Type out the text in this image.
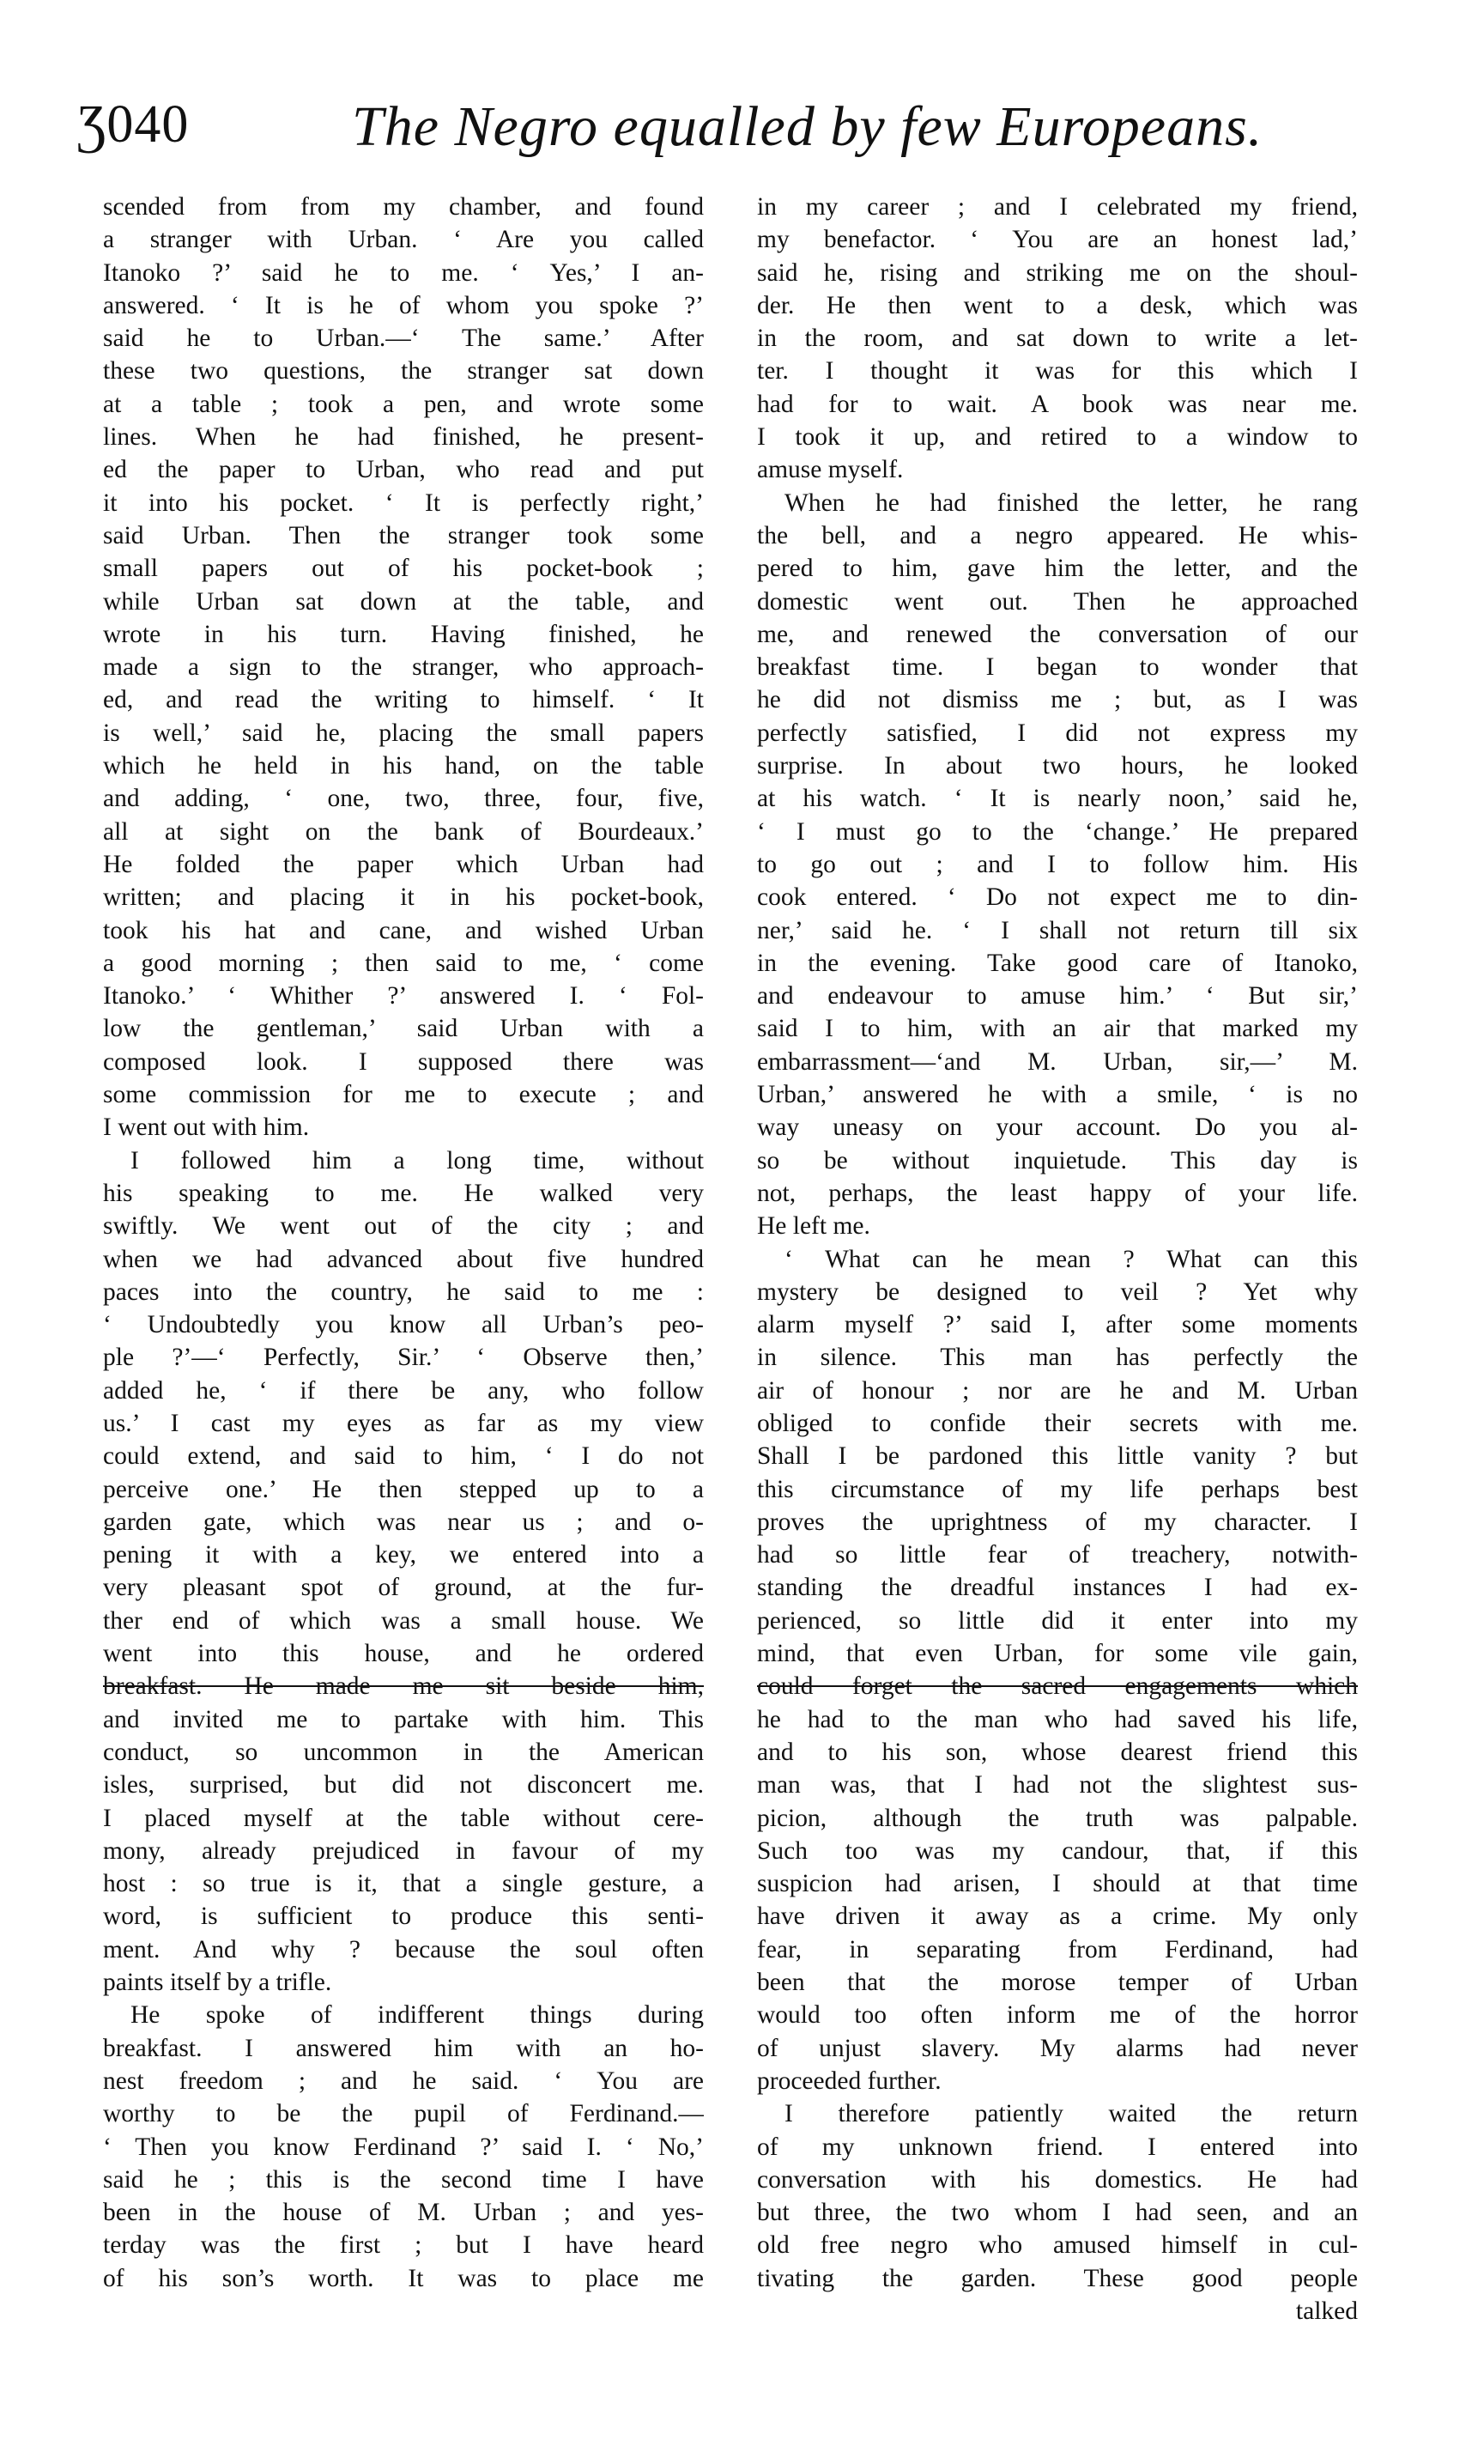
Ʒ040	The Negro equalled by few Europeans.
scended from from my chamber, and found
a stranger with Urban. ‘ Are you called
Itanoko ?’ said he to me. ‘ Yes,’ I an-
answered. ‘ It is he of whom you spoke ?’
said he to Urban.—‘ The same.’ After
these two questions, the stranger sat down
at a table ; took a pen, and wrote some
lines. When he had finished, he present-
ed the paper to Urban, who read and put
it into his pocket. ‘ It is perfectly right,’
said Urban. Then the stranger took some
small papers out of his pocket-book ;
while Urban sat down at the table, and
wrote in his turn. Having finished, he
made a sign to the stranger, who approach-
ed, and read the writing to himself. ‘ It
is well,’ said he, placing the small papers
which he held in his hand, on the table
and adding, ‘ one, two, three, four, five,
all at sight on the bank of Bourdeaux.’
He folded the paper which Urban had
written; and placing it in his pocket-book,
took his hat and cane, and wished Urban
a good morning ; then said to me, ‘ come
Itanoko.’ ‘ Whither ?’ answered I. ‘ Fol-
low the gentleman,’ said Urban with a
composed look. I supposed there was
some commission for me to execute ; and
I went out with him.
I followed him a long time, without
his speaking to me. He walked very
swiftly. We went out of the city ; and
when we had advanced about five hundred
paces into the country, he said to me :
‘ Undoubtedly you know all Urban’s peo-
ple ?’—‘ Perfectly, Sir.’ ‘ Observe then,’
added he, ‘ if there be any, who follow
us.’ I cast my eyes as far as my view
could extend, and said to him, ‘ I do not
perceive one.’ He then stepped up to a
garden gate, which was near us ; and o-
pening it with a key, we entered into a
very pleasant spot of ground, at the fur-
ther end of which was a small house. We
went into this house, and he ordered
breakfast. He made me sit beside him,
and invited me to partake with him. This
conduct, so uncommon in the American
isles, surprised, but did not disconcert me.
I placed myself at the table without cere-
mony, already prejudiced in favour of my
host : so true is it, that a single gesture, a
word, is sufficient to produce this senti-
ment. And why ? because the soul often
paints itself by a trifle.
He spoke of indifferent things during
breakfast. I answered him with an ho-
nest freedom ; and he said. ‘ You are
worthy to be the pupil of Ferdinand.—
‘ Then you know Ferdinand ?’ said I. ‘ No,’
said he ; this is the second time I have
been in the house of M. Urban ; and yes-
terday was the first ; but I have heard
of his son’s worth. It was to place me
in my career ; and I celebrated my friend,
my benefactor. ‘ You are an honest lad,’
said he, rising and striking me on the shoul-
der. He then went to a desk, which was
in the room, and sat down to write a let-
ter. I thought it was for this which I
had for to wait. A book was near me.
I took it up, and retired to a window to
amuse myself.
When he had finished the letter, he rang
the bell, and a negro appeared. He whis-
pered to him, gave him the letter, and the
domestic went out. Then he approached
me, and renewed the conversation of our
breakfast time. I began to wonder that
he did not dismiss me ; but, as I was
perfectly satisfied, I did not express my
surprise. In about two hours, he looked
at his watch. ‘ It is nearly noon,’ said he,
‘ I must go to the ‘change.’ He prepared
to go out ; and I to follow him. His
cook entered. ‘ Do not expect me to din-
ner,’ said he. ‘ I shall not return till six
in the evening. Take good care of Itanoko,
and endeavour to amuse him.’ ‘ But sir,’
said I to him, with an air that marked my
embarrassment—‘and M. Urban, sir,—’ M.
Urban,’ answered he with a smile, ‘ is no
way uneasy on your account. Do you al-
so be without inquietude. This day is
not, perhaps, the least happy of your life.
He left me.
‘ What can he mean ? What can this
mystery be designed to veil ? Yet why
alarm myself ?’ said I, after some moments
in silence. This man has perfectly the
air of honour ; nor are he and M. Urban
obliged to confide their secrets with me.
Shall I be pardoned this little vanity ? but
this circumstance of my life perhaps best
proves the uprightness of my character. I
had so little fear of treachery, notwith-
standing the dreadful instances I had ex-
perienced, so little did it enter into my
mind, that even Urban, for some vile gain,
could forget the sacred engagements which
he had to the man who had saved his life,
and to his son, whose dearest friend this
man was, that I had not the slightest sus-
picion, although the truth was palpable.
Such too was my candour, that, if this
suspicion had arisen, I should at that time
have driven it away as a crime. My only
fear, in separating from Ferdinand, had
been that the morose temper of Urban
would too often inform me of the horror
of unjust slavery. My alarms had never
proceeded further.
I therefore patiently waited the return
of my unknown friend. I entered into
conversation with his domestics. He had
but three, the two whom I had seen, and an
old free negro who amused himself in cul-
tivating the garden. These good people
talked
